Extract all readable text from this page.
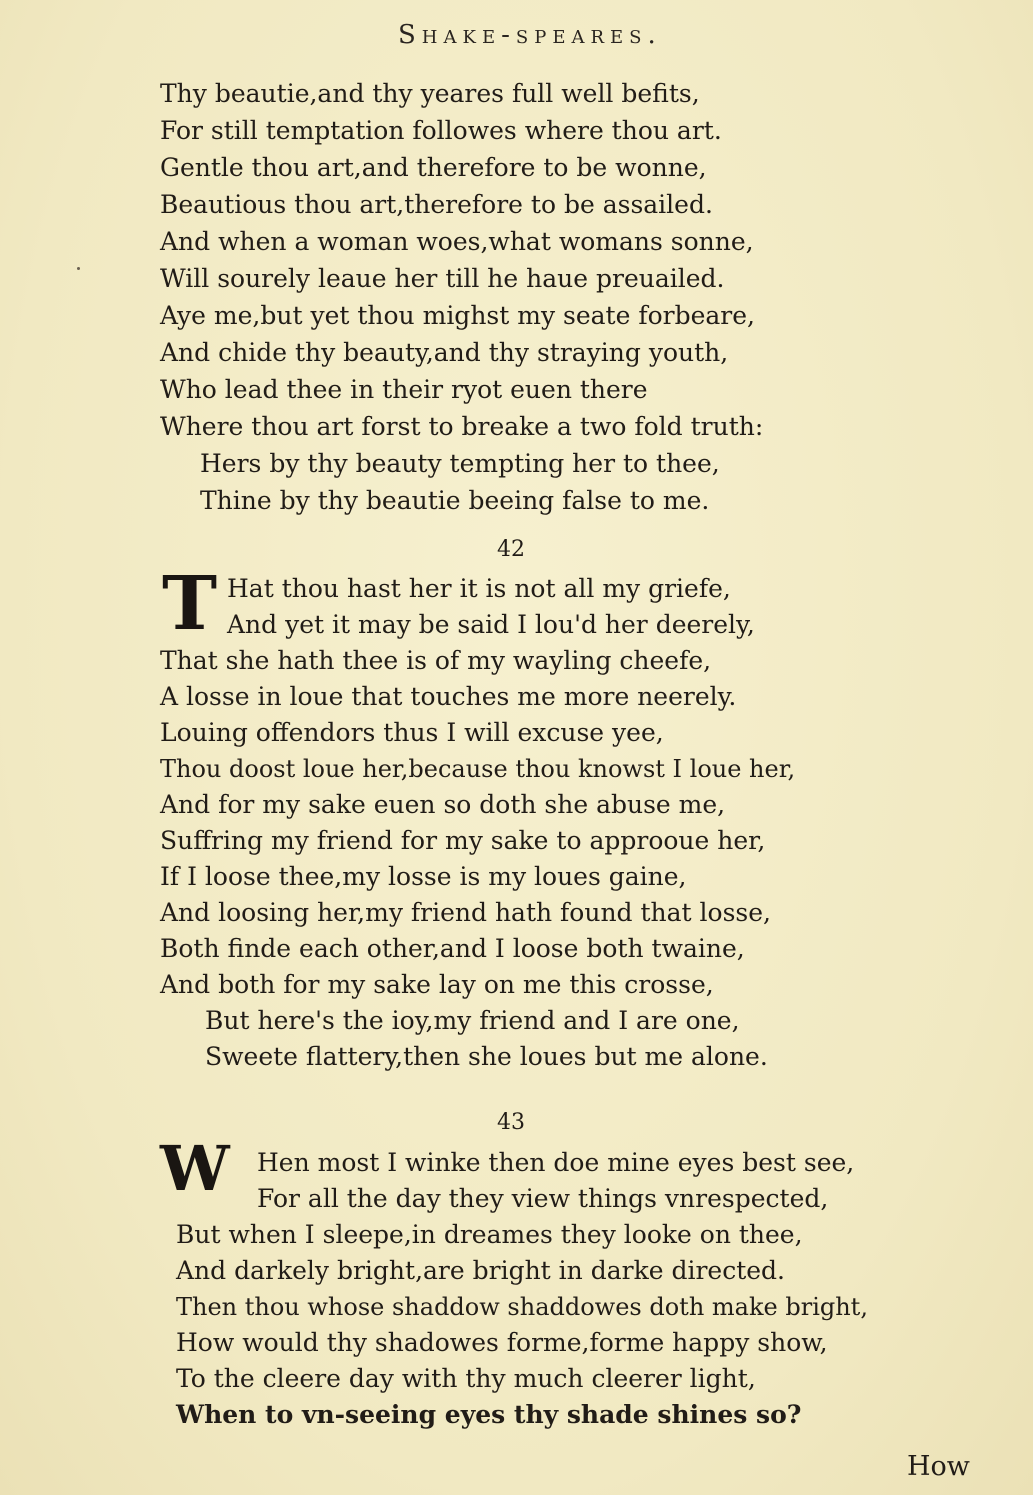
Shake-speares.
Thy beautie,and thy yeares full well befits,
For still temptation followes where thou art.
Gentle thou art,and therefore to be wonne,
Beautious thou art,therefore to be assailed.
And when a woman woes,what womans sonne,
Will sourely leaue her till he haue preuailed.
Aye me,but yet thou mighst my seate forbeare,
And chide thy beauty,and thy straying youth,
Who lead thee in their ryot euen there
Where thou art forst to breake a two fold truth:
Hers by thy beauty tempting her to thee,
Thine by thy beautie beeing false to me.
42
T Hat thou hast her it is not all my griefe,
And yet it may be said I lou'd her deerely,
That she hath thee is of my wayling cheefe,
A losse in loue that touches me more neerely.
Louing offendors thus I will excuse yee,
Thou doost loue her,because thou knowst I loue her,
And for my sake euen so doth she abuse me,
Suffring my friend for my sake to approoue her,
If I loose thee,my losse is my loues gaine,
And loosing her,my friend hath found that losse,
Both finde each other,and I loose both twaine,
And both for my sake lay on me this crosse,
But here's the ioy,my friend and I are one,
Sweete flattery,then she loues but me alone.
43
W Hen most I winke then doe mine eyes best see,
For all the day they view things vnrespected,
But when I sleepe,in dreames they looke on thee,
And darkely bright,are bright in darke directed.
Then thou whose shaddow shaddowes doth make bright,
How would thy shadowes forme,forme happy show,
To the cleere day with thy much cleerer light,
When to vn-seeing eyes thy shade shines so?
How
